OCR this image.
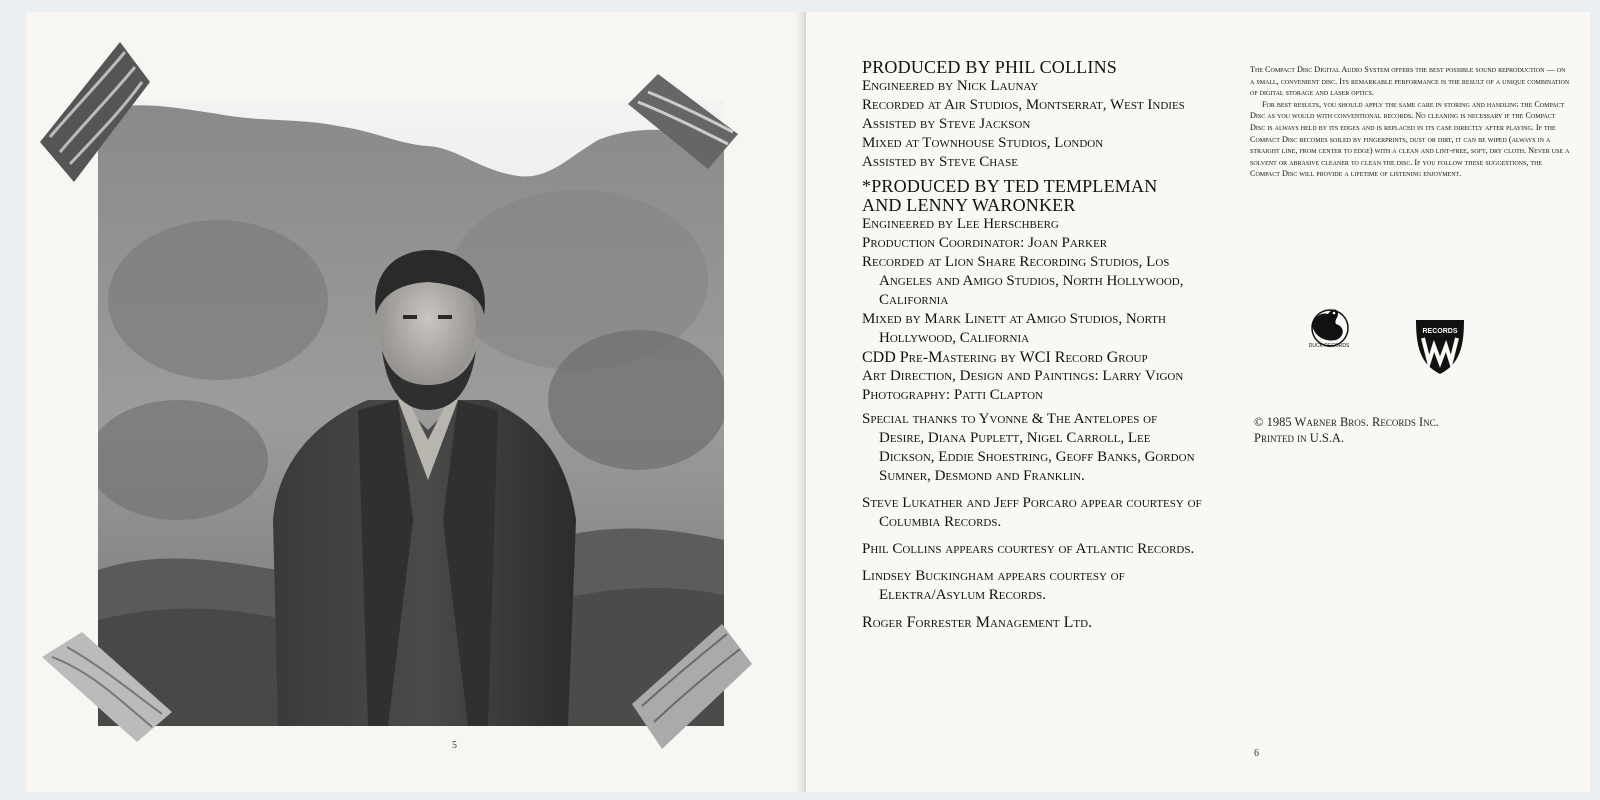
5
PRODUCED BY PHIL COLLINS
Engineered by Nick Launay
Recorded at Air Studios, Montserrat, West Indies
Assisted by Steve Jackson
Mixed at Townhouse Studios, London
Assisted by Steve Chase
*PRODUCED BY TED TEMPLEMAN
AND LENNY WARONKER
Engineered by Lee Herschberg
Production Coordinator: Joan Parker
Recorded at Lion Share Recording Studios, Los Angeles and Amigo Studios, North Hollywood, California
Mixed by Mark Linett at Amigo Studios, North Hollywood, California
CDD Pre-Mastering by WCI Record Group
Art Direction, Design and Paintings: Larry Vigon
Photography: Patti Clapton
Special thanks to Yvonne & The Antelopes of Desire, Diana Puplett, Nigel Carroll, Lee Dickson, Eddie Shoestring, Geoff Banks, Gordon Sumner, Desmond and Franklin.
Steve Lukather and Jeff Porcaro appear courtesy of Columbia Records.
Phil Collins appears courtesy of Atlantic Records.
Lindsey Buckingham appears courtesy of Elektra/Asylum Records.
Roger Forrester Management Ltd.

The Compact Disc Digital Audio System offers the best possible sound reproduction — on a small, convenient disc. Its remarkable performance is the result of a unique combination of digital storage and laser optics.

For best results, you should apply the same care in storing and handling the Compact Disc as you would with conventional records. No cleaning is necessary if the Compact Disc is always held by its edges and is replaced in its case directly after playing. If the Compact Disc becomes soiled by fingerprints, dust or dirt, it can be wiped (always in a straight line, from center to edge) with a clean and lint-free, soft, dry cloth. Never use a solvent or abrasive cleaner to clean the disc. If you follow these suggestions, the Compact Disc will provide a lifetime of listening enjoyment.

DUCK RECORDS
RECORDS
© 1985 Warner Bros. Records Inc.
Printed in U.S.A.
6
